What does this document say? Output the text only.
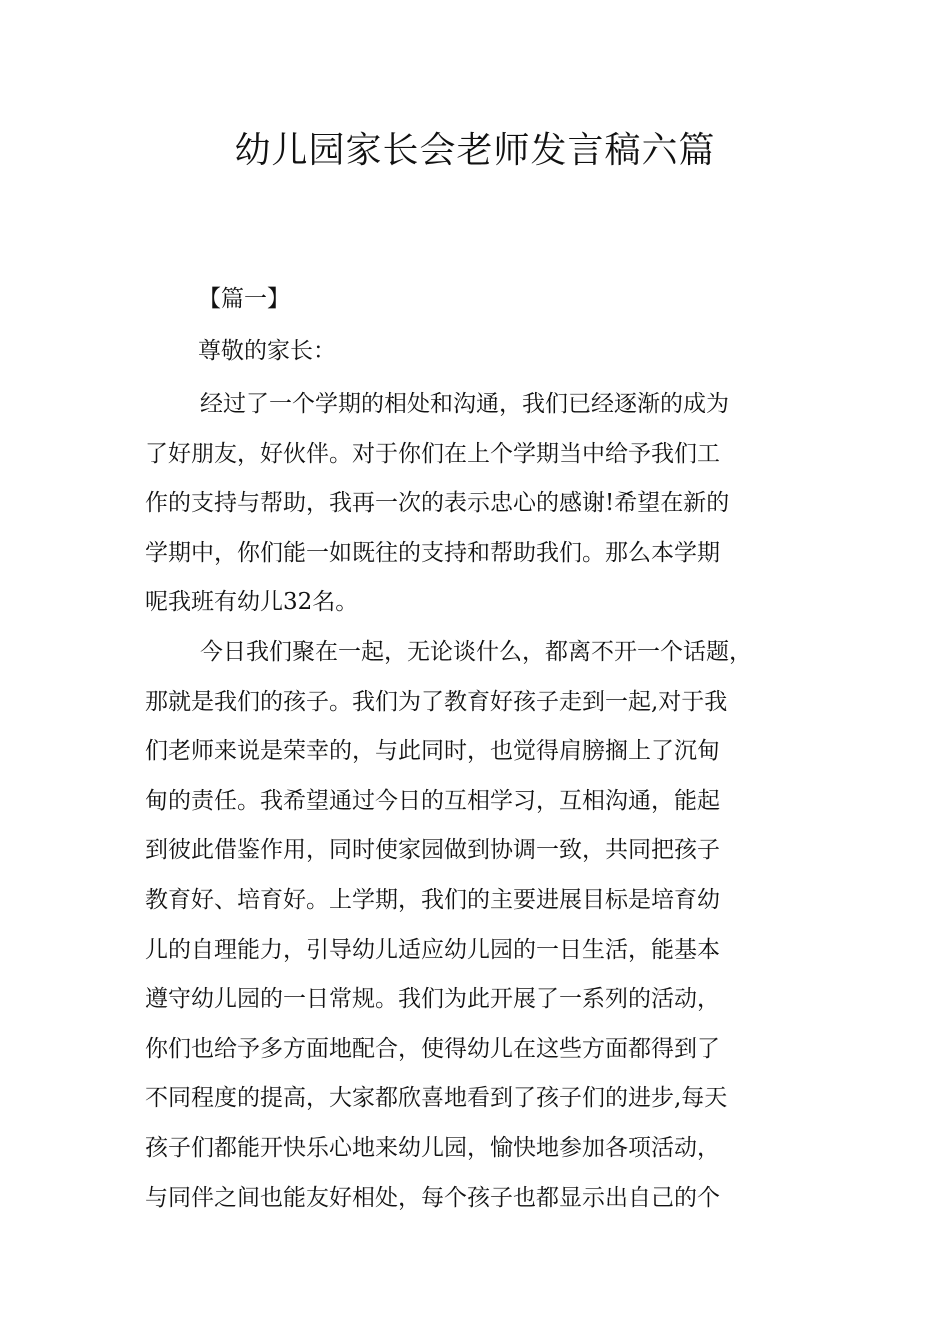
幼儿园家长会老师发言稿六篇

【篇一】

尊敬的家长：

经过了一个学期的相处和沟通，我们已经逐渐的成为
了好朋友，好伙伴。对于你们在上个学期当中给予我们工
作的支持与帮助，我再一次的表示忠心的感谢!希望在新的
学期中，你们能一如既往的支持和帮助我们。那么本学期
呢我班有幼儿32名。
今日我们聚在一起，无论谈什么，都离不开一个话题，
那就是我们的孩子。我们为了教育好孩子走到一起,对于我
们老师来说是荣幸的，与此同时，也觉得肩膀搁上了沉甸
甸的责任。我希望通过今日的互相学习，互相沟通，能起
到彼此借鉴作用，同时使家园做到协调一致，共同把孩子
教育好、培育好。上学期，我们的主要进展目标是培育幼
儿的自理能力，引导幼儿适应幼儿园的一日生活，能基本
遵守幼儿园的一日常规。我们为此开展了一系列的活动，
你们也给予多方面地配合，使得幼儿在这些方面都得到了
不同程度的提高，大家都欣喜地看到了孩子们的进步,每天
孩子们都能开快乐心地来幼儿园，愉快地参加各项活动，
与同伴之间也能友好相处，每个孩子也都显示出自己的个
